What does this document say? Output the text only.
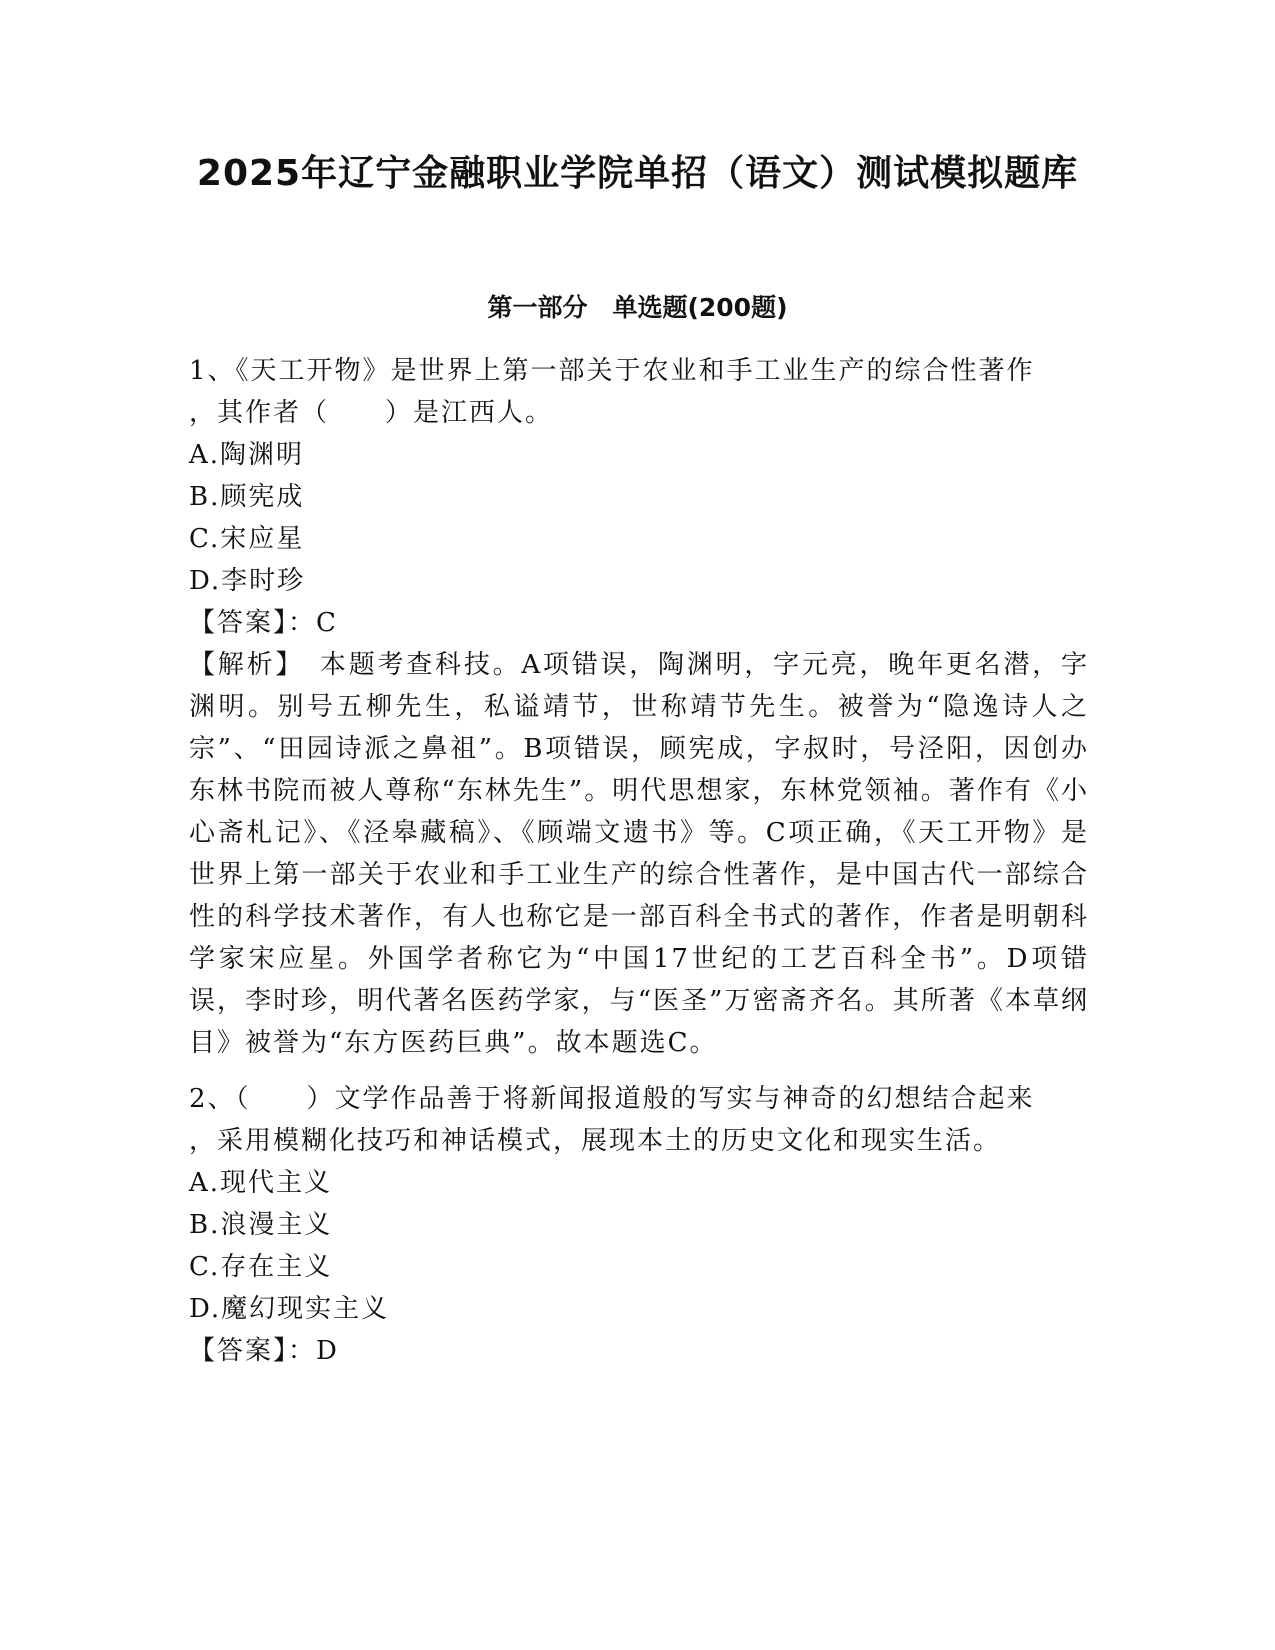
2025年辽宁金融职业学院单招（语文）测试模拟题库
第一部分　单选题(200题)

1、《天工开物》是世界上第一部关于农业和手工业生产的综合性著作

，其作者（　　）是江西人。

A.陶渊明

B.顾宪成

C.宋应星

D.李时珍

【答案】：C

【解析】　本题考查科技。A项错误，陶渊明，字元亮，晚年更名潜，字渊明。别号五柳先生，私谥靖节，世称靖节先生。被誉为“隐逸诗人之宗”、“田园诗派之鼻祖”。B项错误，顾宪成，字叔时，号泾阳，因创办东林书院而被人尊称“东林先生”。明代思想家，东林党领袖。著作有《小心斋札记》、《泾皋藏稿》、《顾端文遗书》等。C项正确，《天工开物》是世界上第一部关于农业和手工业生产的综合性著作，是中国古代一部综合性的科学技术著作，有人也称它是一部百科全书式的著作，作者是明朝科学家宋应星。外国学者称它为“中国17世纪的工艺百科全书”。D项错误，李时珍，明代著名医药学家，与“医圣”万密斋齐名。其所著《本草纲目》被誉为“东方医药巨典”。故本题选C。

2、（　　）文学作品善于将新闻报道般的写实与神奇的幻想结合起来

，采用模糊化技巧和神话模式，展现本土的历史文化和现实生活。

A.现代主义

B.浪漫主义

C.存在主义

D.魔幻现实主义

【答案】：D
